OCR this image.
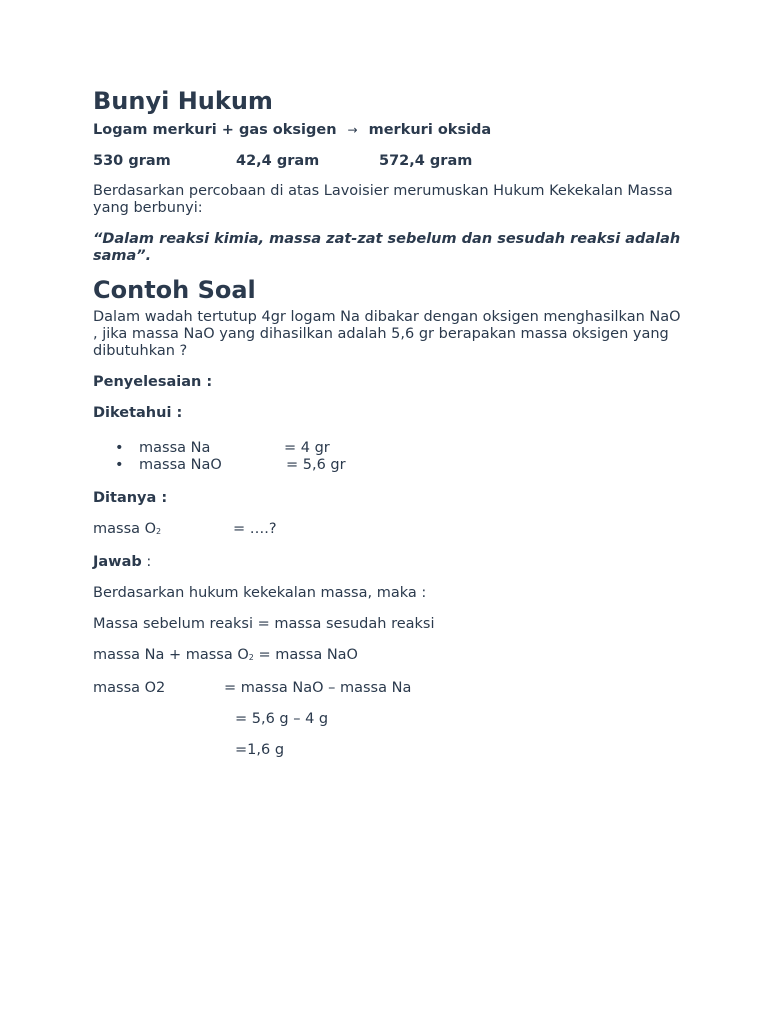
Bunyi Hukum

Logam merkuri + gas oksigen → merkuri oksida

530 gram	42,4 gram	572,4 gram

Berdasarkan percobaan di atas Lavoisier merumuskan Hukum Kekekalan Massa yang berbunyi:

“Dalam reaksi kimia, massa zat-zat sebelum dan sesudah reaksi adalah sama”.

Contoh Soal

Dalam wadah tertutup 4gr logam Na dibakar dengan oksigen menghasilkan NaO , jika massa NaO yang dihasilkan adalah 5,6 gr berapakan massa oksigen yang dibutuhkan ?

Penyelesaian :

Diketahui :

• massa Na	= 4 gr
• massa NaO	= 5,6 gr

Ditanya :

massa $O_2$	= ….?

Jawab :

Berdasarkan hukum kekekalan massa, maka :

Massa sebelum reaksi = massa sesudah reaksi

massa Na + massa $O_2$ = massa NaO

massa O2	= massa NaO – massa Na

= 5,6 g – 4 g

=1,6 g
